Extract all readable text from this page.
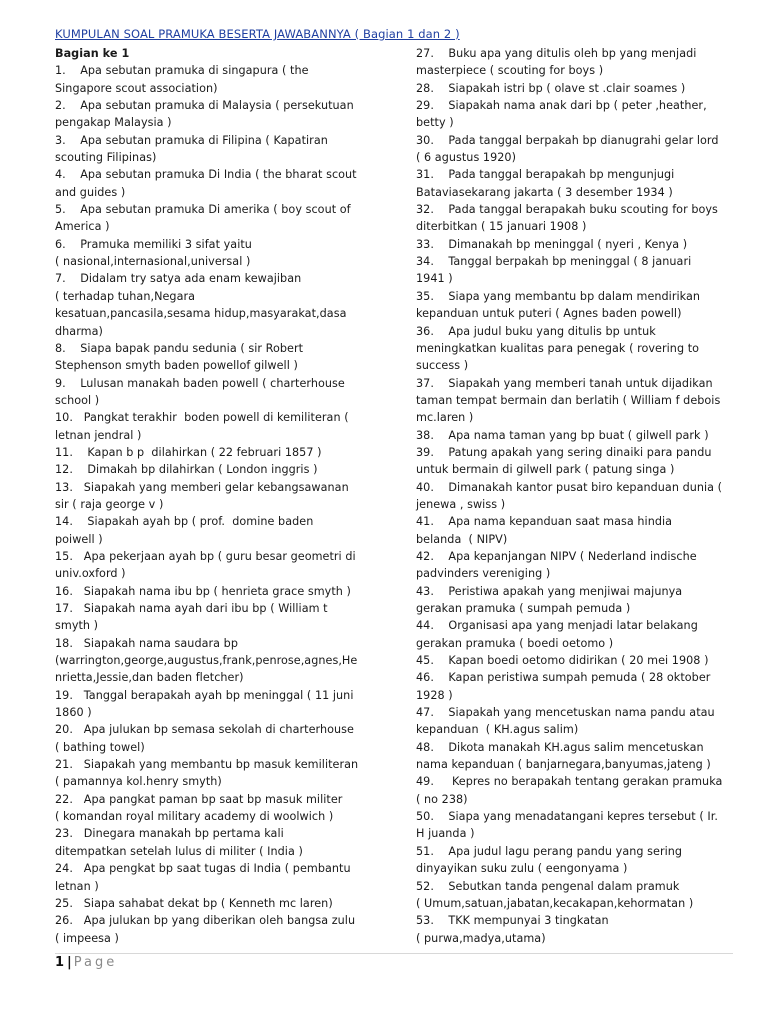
KUMPULAN SOAL PRAMUKA BESERTA JAWABANNYA ( Bagian 1 dan 2 )
Bagian ke 1
1.    Apa sebutan pramuka di singapura ( the
Singapore scout association)
2.    Apa sebutan pramuka di Malaysia ( persekutuan
pengakap Malaysia )
3.    Apa sebutan pramuka di Filipina ( Kapatiran
scouting Filipinas)
4.    Apa sebutan pramuka Di India ( the bharat scout
and guides )
5.    Apa sebutan pramuka Di amerika ( boy scout of
America )
6.    Pramuka memiliki 3 sifat yaitu
( nasional,internasional,universal )
7.    Didalam try satya ada enam kewajiban
( terhadap tuhan,Negara
kesatuan,pancasila,sesama hidup,masyarakat,dasa
dharma)
8.    Siapa bapak pandu sedunia ( sir Robert
Stephenson smyth baden powellof gilwell )
9.    Lulusan manakah baden powell ( charterhouse
school )
10.   Pangkat terakhir  boden powell di kemiliteran (
letnan jendral )
11.    Kapan b p  dilahirkan ( 22 februari 1857 )
12.    Dimakah bp dilahirkan ( London inggris )
13.   Siapakah yang memberi gelar kebangsawanan
sir ( raja george v )
14.    Siapakah ayah bp ( prof.  domine baden
poiwell )
15.   Apa pekerjaan ayah bp ( guru besar geometri di
univ.oxford )
16.   Siapakah nama ibu bp ( henrieta grace smyth )
17.   Siapakah nama ayah dari ibu bp ( William t
smyth )
18.   Siapakah nama saudara bp
(warrington,george,augustus,frank,penrose,agnes,He
nrietta,Jessie,dan baden fletcher)
19.   Tanggal berapakah ayah bp meninggal ( 11 juni
1860 )
20.   Apa julukan bp semasa sekolah di charterhouse
( bathing towel)
21.   Siapakah yang membantu bp masuk kemiliteran
( pamannya kol.henry smyth)
22.   Apa pangkat paman bp saat bp masuk militer
( komandan royal military academy di woolwich )
23.   Dinegara manakah bp pertama kali
ditempatkan setelah lulus di militer ( India )
24.   Apa pengkat bp saat tugas di India ( pembantu
letnan )
25.   Siapa sahabat dekat bp ( Kenneth mc laren)
26.   Apa julukan bp yang diberikan oleh bangsa zulu
( impeesa )
27.    Buku apa yang ditulis oleh bp yang menjadi
masterpiece ( scouting for boys )
28.    Siapakah istri bp ( olave st .clair soames )
29.    Siapakah nama anak dari bp ( peter ,heather,
betty )
30.    Pada tanggal berpakah bp dianugrahi gelar lord
( 6 agustus 1920)
31.    Pada tanggal berapakah bp mengunjugi
Bataviasekarang jakarta ( 3 desember 1934 )
32.    Pada tanggal berapakah buku scouting for boys
diterbitkan ( 15 januari 1908 )
33.    Dimanakah bp meninggal ( nyeri , Kenya )
34.    Tanggal berpakah bp meninggal ( 8 januari
1941 )
35.    Siapa yang membantu bp dalam mendirikan
kepanduan untuk puteri ( Agnes baden powell)
36.    Apa judul buku yang ditulis bp untuk
meningkatkan kualitas para penegak ( rovering to
success )
37.    Siapakah yang memberi tanah untuk dijadikan
taman tempat bermain dan berlatih ( William f debois
mc.laren )
38.    Apa nama taman yang bp buat ( gilwell park )
39.    Patung apakah yang sering dinaiki para pandu
untuk bermain di gilwell park ( patung singa )
40.    Dimanakah kantor pusat biro kepanduan dunia (
jenewa , swiss )
41.    Apa nama kepanduan saat masa hindia
belanda  ( NIPV)
42.    Apa kepanjangan NIPV ( Nederland indische
padvinders vereniging )
43.    Peristiwa apakah yang menjiwai majunya
gerakan pramuka ( sumpah pemuda )
44.    Organisasi apa yang menjadi latar belakang
gerakan pramuka ( boedi oetomo )
45.    Kapan boedi oetomo didirikan ( 20 mei 1908 )
46.    Kapan peristiwa sumpah pemuda ( 28 oktober
1928 )
47.    Siapakah yang mencetuskan nama pandu atau
kepanduan  ( KH.agus salim)
48.    Dikota manakah KH.agus salim mencetuskan
nama kepanduan ( banjarnegara,banyumas,jateng )
49.     Kepres no berapakah tentang gerakan pramuka
( no 238)
50.    Siapa yang menadatangani kepres tersebut ( Ir.
H juanda )
51.    Apa judul lagu perang pandu yang sering
dinyayikan suku zulu ( eengonyama )
52.    Sebutkan tanda pengenal dalam pramuk
( Umum,satuan,jabatan,kecakapan,kehormatan )
53.    TKK mempunyai 3 tingkatan
( purwa,madya,utama)
1 | Page
